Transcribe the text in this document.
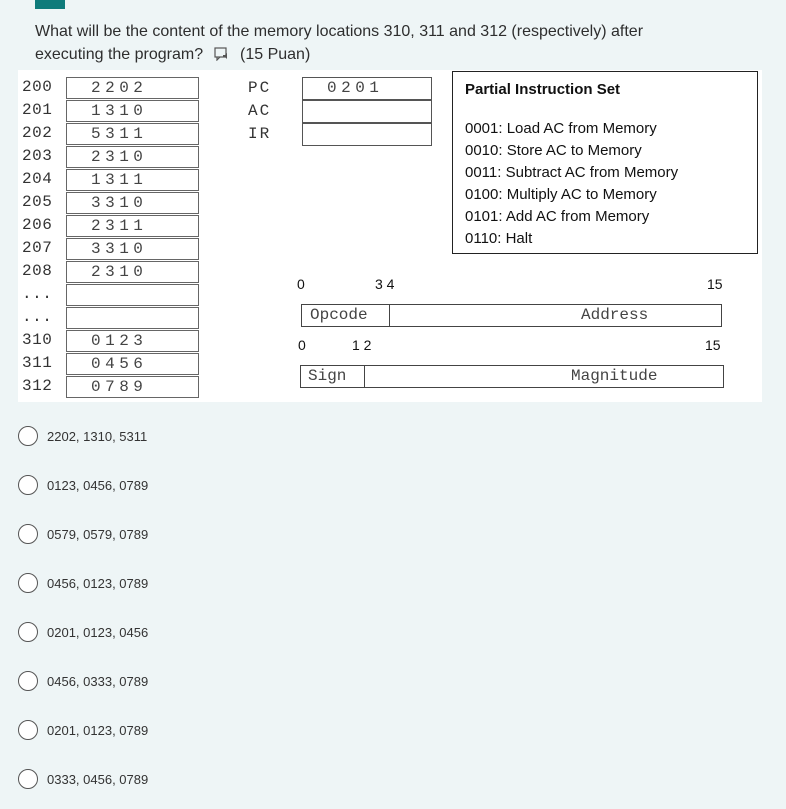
What will be the content of the memory locations 310, 311 and 312 (respectively) after
executing the program? (15 Puan)
200	2202
201	1310
202	5311
203	2310
204	1311
205	3310
206	2311
207	3310
208	2310
...
...
310	0123
311	0456
312	0789
PC	0201
AC
IR
Partial Instruction Set
0001: Load AC from Memory
0010: Store AC to Memory
0011: Subtract AC from Memory
0100: Multiply AC to Memory
0101: Add AC from Memory
0110: Halt
0	3 4	15
Opcode	Address
0	1 2	15
Sign	Magnitude
2202, 1310, 5311
0123, 0456, 0789
0579, 0579, 0789
0456, 0123, 0789
0201, 0123, 0456
0456, 0333, 0789
0201, 0123, 0789
0333, 0456, 0789
